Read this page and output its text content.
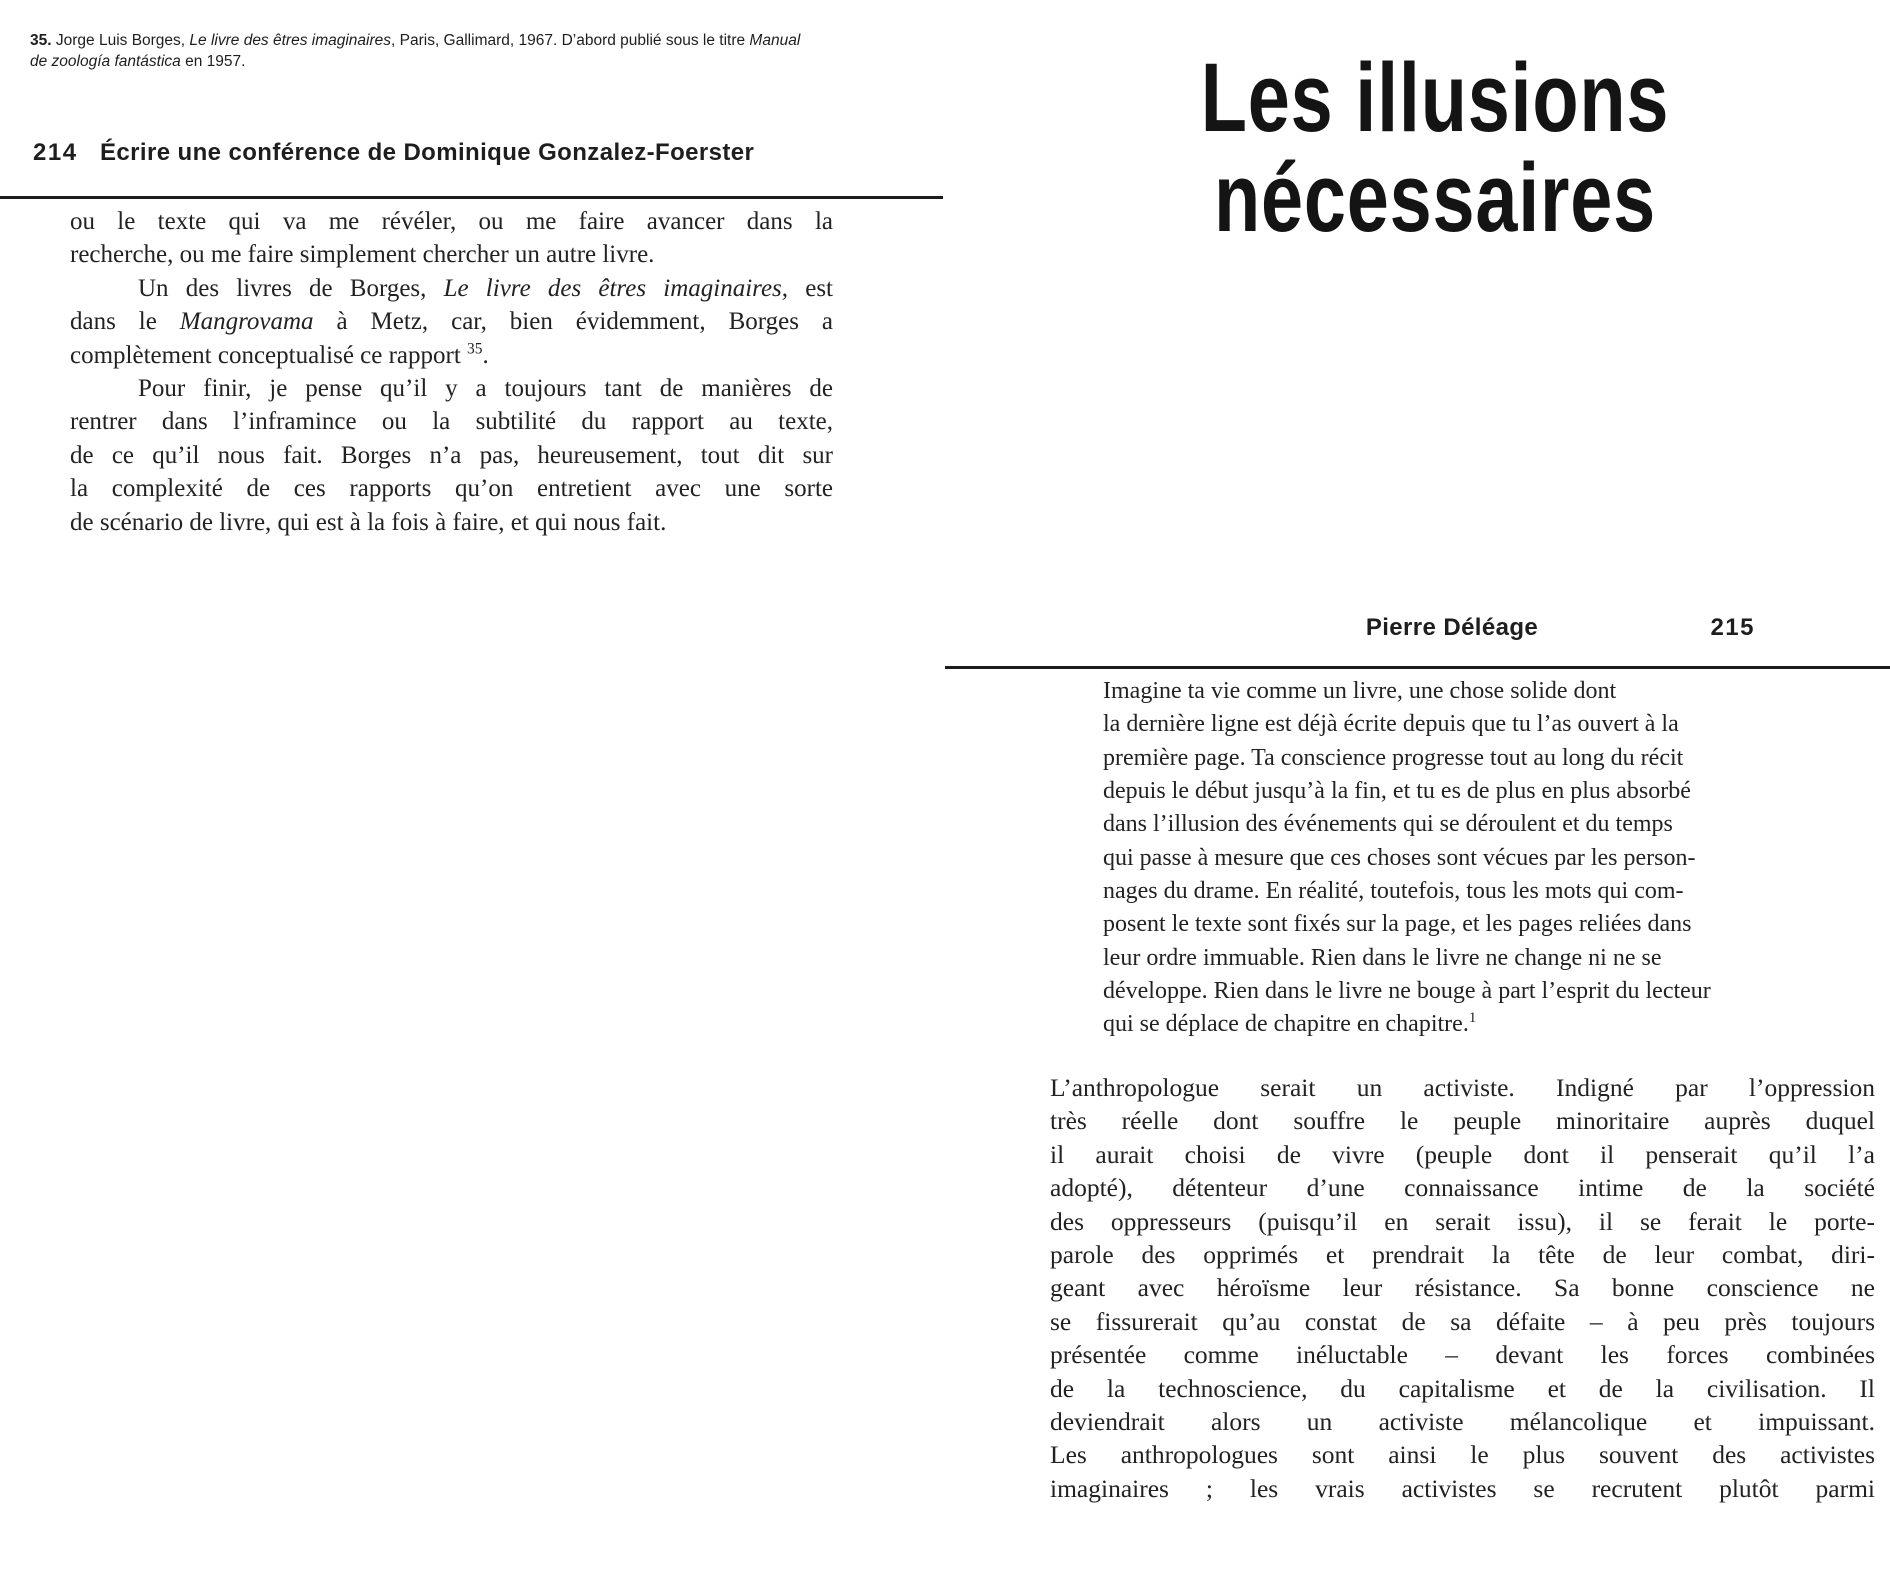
35. Jorge Luis Borges, Le livre des êtres imaginaires, Paris, Gallimard, 1967. D’abord publié sous le titre Manual
de zoología fantástica en 1957.
214 Écrire une conférence de Dominique Gonzalez-Foerster
ou le texte qui va me révéler, ou me faire avancer dans la
recherche, ou me faire simplement chercher un autre livre.
Un des livres de Borges, Le livre des êtres imaginaires, est
dans le Mangrovama à Metz, car, bien évidemment, Borges a
complètement conceptualisé ce rapport $^{35}$.
Pour finir, je pense qu’il y a toujours tant de manières de
rentrer dans l’inframince ou la subtilité du rapport au texte,
de ce qu’il nous fait. Borges n’a pas, heureusement, tout dit sur
la complexité de ces rapports qu’on entretient avec une sorte
de scénario de livre, qui est à la fois à faire, et qui nous fait.
Les illusions
nécessaires
Pierre Déléage	215
Imagine ta vie comme un livre, une chose solide dont
la dernière ligne est déjà écrite depuis que tu l’as ouvert à la
première page. Ta conscience progresse tout au long du récit
depuis le début jusqu’à la fin, et tu es de plus en plus absorbé
dans l’illusion des événements qui se déroulent et du temps
qui passe à mesure que ces choses sont vécues par les person-
nages du drame. En réalité, toutefois, tous les mots qui com-
posent le texte sont fixés sur la page, et les pages reliées dans
leur ordre immuable. Rien dans le livre ne change ni ne se
développe. Rien dans le livre ne bouge à part l’esprit du lecteur
qui se déplace de chapitre en chapitre.$^1$
L’anthropologue serait un activiste. Indigné par l’oppression
très réelle dont souffre le peuple minoritaire auprès duquel
il aurait choisi de vivre (peuple dont il penserait qu’il l’a
adopté), détenteur d’une connaissance intime de la société
des oppresseurs (puisqu’il en serait issu), il se ferait le porte-
parole des opprimés et prendrait la tête de leur combat, diri-
geant avec héroïsme leur résistance. Sa bonne conscience ne
se fissurerait qu’au constat de sa défaite – à peu près toujours
présentée comme inéluctable – devant les forces combinées
de la technoscience, du capitalisme et de la civilisation. Il
deviendrait alors un activiste mélancolique et impuissant.
Les anthropologues sont ainsi le plus souvent des activistes
imaginaires ; les vrais activistes se recrutent plutôt parmi
